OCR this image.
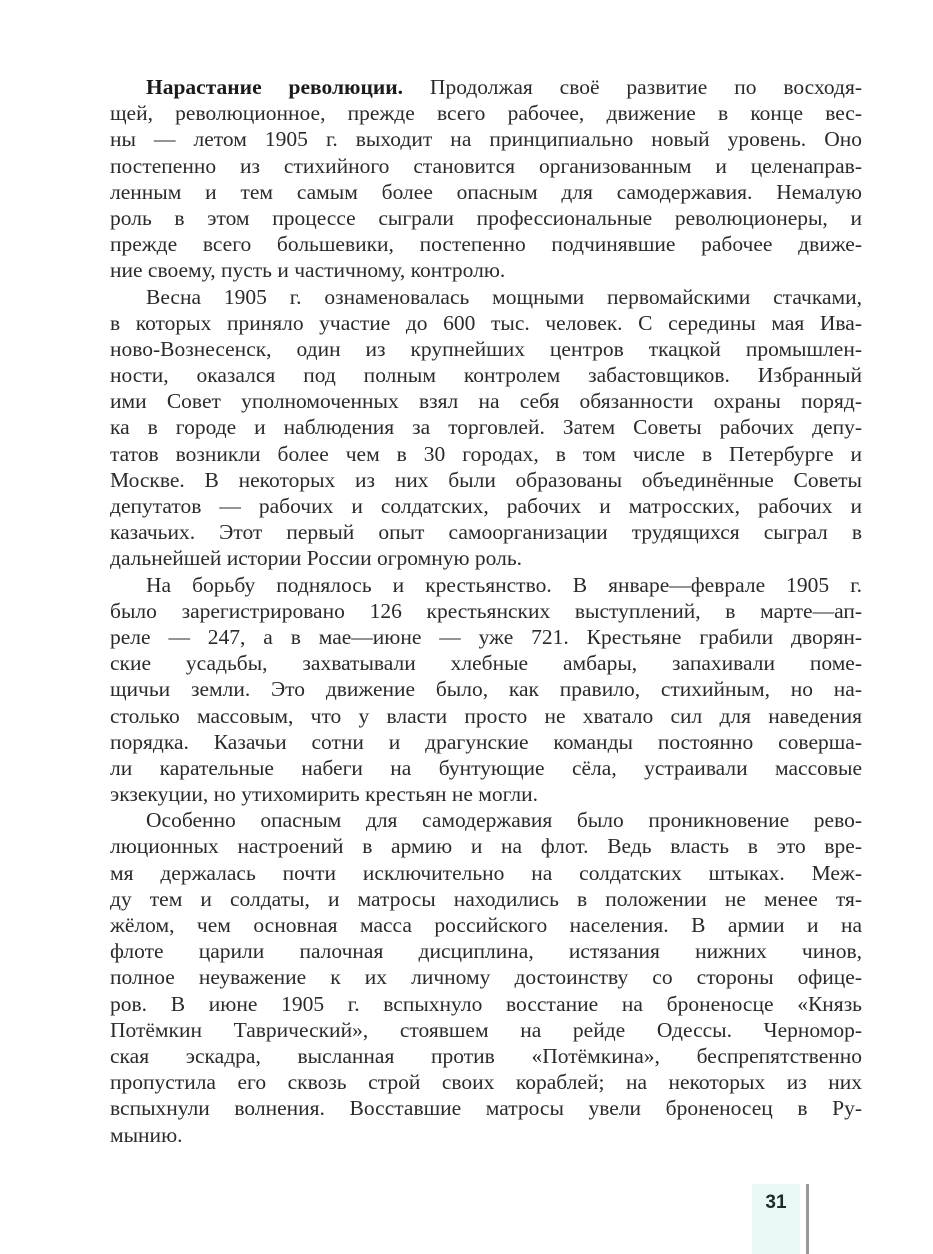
Нарастание революции. Продолжая своё развитие по восходя-
щей, революционное, прежде всего рабочее, движение в конце вес-
ны — летом 1905 г. выходит на принципиально новый уровень. Оно
постепенно из стихийного становится организованным и целенаправ-
ленным и тем самым более опасным для самодержавия. Немалую
роль в этом процессе сыграли профессиональные революционеры, и
прежде всего большевики, постепенно подчинявшие рабочее движе-
ние своему, пусть и частичному, контролю.
Весна 1905 г. ознаменовалась мощными первомайскими стачками,
в которых приняло участие до 600 тыс. человек. С середины мая Ива-
ново-Вознесенск, один из крупнейших центров ткацкой промышлен-
ности, оказался под полным контролем забастовщиков. Избранный
ими Совет уполномоченных взял на себя обязанности охраны поряд-
ка в городе и наблюдения за торговлей. Затем Советы рабочих депу-
татов возникли более чем в 30 городах, в том числе в Петербурге и
Москве. В некоторых из них были образованы объединённые Советы
депутатов — рабочих и солдатских, рабочих и матросских, рабочих и
казачьих. Этот первый опыт самоорганизации трудящихся сыграл в
дальнейшей истории России огромную роль.
На борьбу поднялось и крестьянство. В январе—феврале 1905 г.
было зарегистрировано 126 крестьянских выступлений, в марте—ап-
реле — 247, а в мае—июне — уже 721. Крестьяне грабили дворян-
ские усадьбы, захватывали хлебные амбары, запахивали поме-
щичьи земли. Это движение было, как правило, стихийным, но на-
столько массовым, что у власти просто не хватало сил для наведения
порядка. Казачьи сотни и драгунские команды постоянно соверша-
ли карательные набеги на бунтующие сёла, устраивали массовые
экзекуции, но утихомирить крестьян не могли.
Особенно опасным для самодержавия было проникновение рево-
люционных настроений в армию и на флот. Ведь власть в это вре-
мя держалась почти исключительно на солдатских штыках. Меж-
ду тем и солдаты, и матросы находились в положении не менее тя-
жёлом, чем основная масса российского населения. В армии и на
флоте царили палочная дисциплина, истязания нижних чинов,
полное неуважение к их личному достоинству со стороны офице-
ров. В июне 1905 г. вспыхнуло восстание на броненосце «Князь
Потёмкин Таврический», стоявшем на рейде Одессы. Черномор-
ская эскадра, высланная против «Потёмкина», беспрепятственно
пропустила его сквозь строй своих кораблей; на некоторых из них
вспыхнули волнения. Восставшие матросы увели броненосец в Ру-
мынию.
31
